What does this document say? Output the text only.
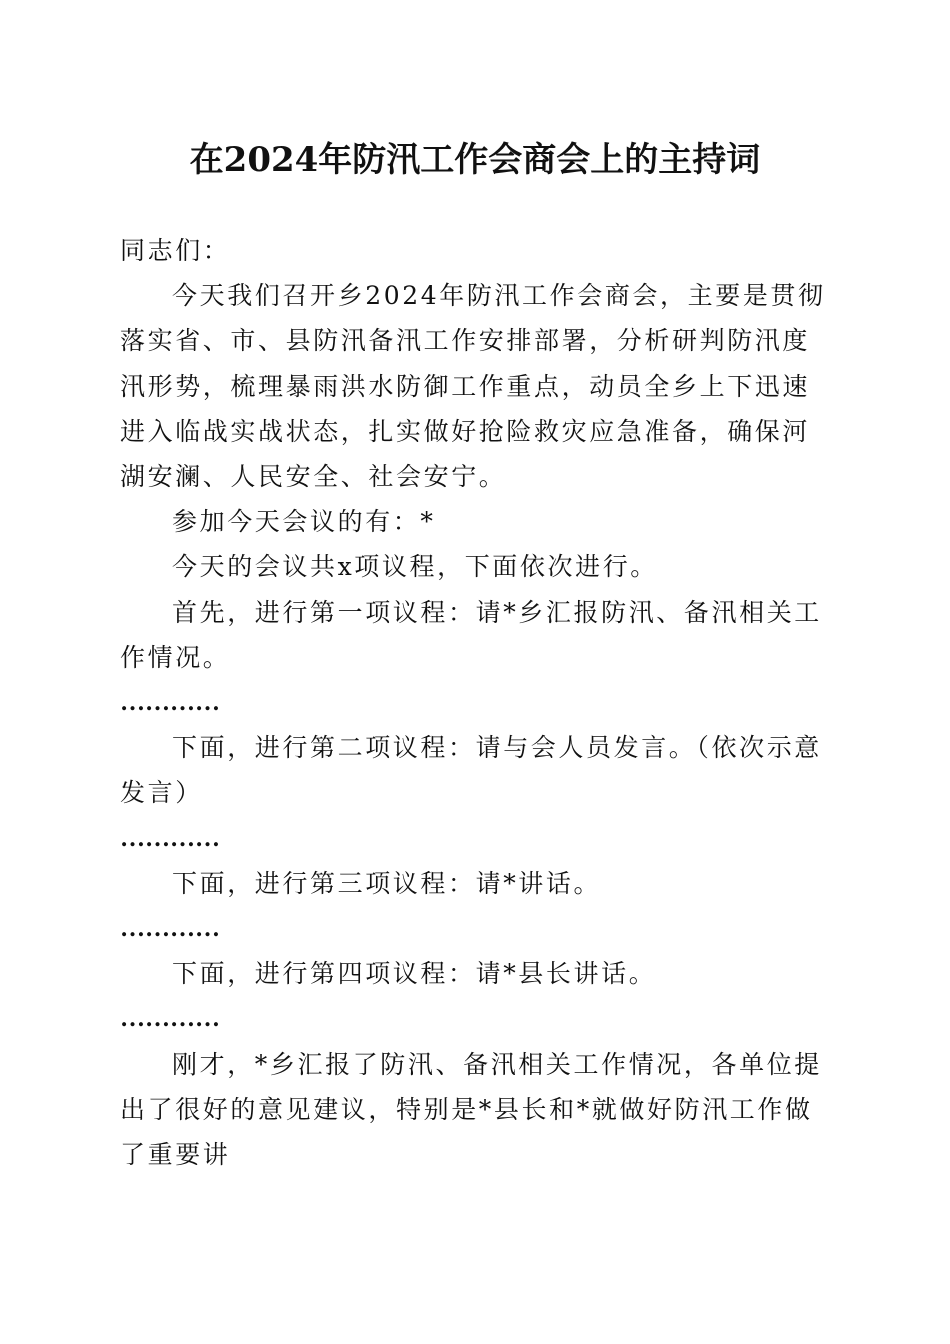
在2024年防汛工作会商会上的主持词

同志们：

今天我们召开乡2024年防汛工作会商会，主要是贯彻落实省、市、县防汛备汛工作安排部署，分析研判防汛度汛形势，梳理暴雨洪水防御工作重点，动员全乡上下迅速进入临战实战状态，扎实做好抢险救灾应急准备，确保河湖安澜、人民安全、社会安宁。

参加今天会议的有：*

今天的会议共x项议程，下面依次进行。

首先，进行第一项议程：请*乡汇报防汛、备汛相关工作情况。

…………

下面，进行第二项议程：请与会人员发言。（依次示意发言）

…………

下面，进行第三项议程：请*讲话。

…………

下面，进行第四项议程：请*县长讲话。

…………

刚才，*乡汇报了防汛、备汛相关工作情况，各单位提出了很好的意见建议，特别是*县长和*就做好防汛工作做了重要讲
